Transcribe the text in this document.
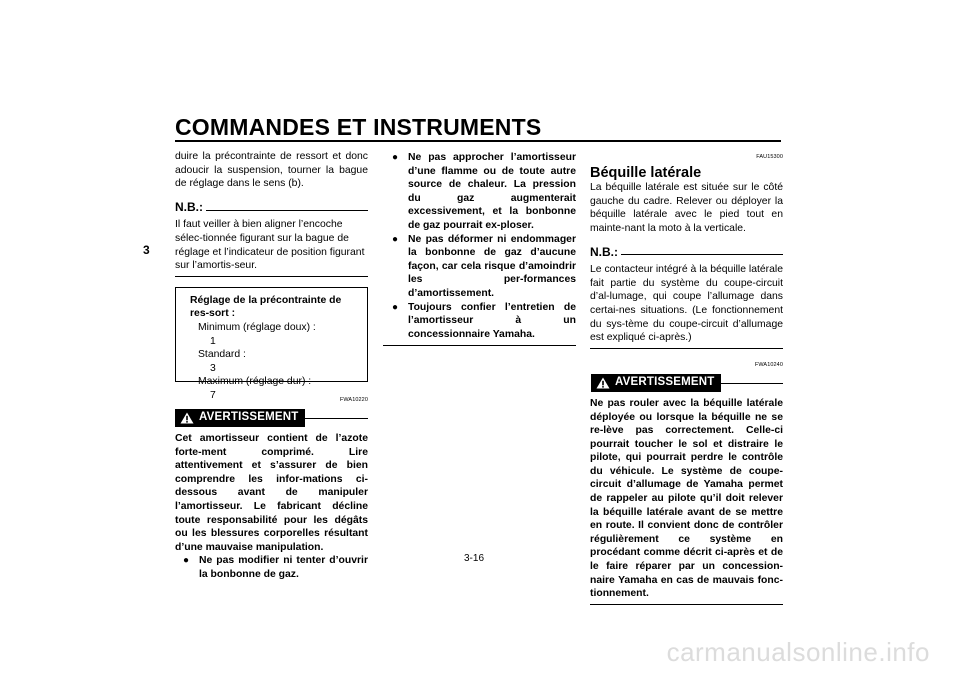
COMMANDES ET INSTRUMENTS
3

duire la précontrainte de ressort et donc adoucir la suspension, tourner la bague de réglage dans le sens (b).

N.B.:

Il faut veiller à bien aligner l’encoche sélec-tionnée figurant sur la bague de réglage et l’indicateur de position figurant sur l’amortis-seur.

Réglage de la précontrainte de res-sort :
Minimum (réglage doux) :
1
Standard :
3
Maximum (réglage dur) :
7	FWA10220
AVERTISSEMENT

Cet amortisseur contient de l’azote forte-ment comprimé. Lire attentivement et s’assurer de bien comprendre les infor-mations ci-dessous avant de manipuler l’amortisseur. Le fabricant décline toute responsabilité pour les dégâts ou les blessures corporelles résultant d’une mauvaise manipulation.

● Ne pas modifier ni tenter d’ouvrir la bonbonne de gaz.
● Ne pas approcher l’amortisseur d’une flamme ou de toute autre source de chaleur. La pression du gaz augmenterait excessivement, et la bonbonne de gaz pourrait ex-ploser.
● Ne pas déformer ni endommager la bonbonne de gaz d’aucune façon, car cela risque d’amoindrir les per-formances d’amortissement.
● Toujours confier l’entretien de l’amortisseur à un concessionnaire Yamaha.
FAU15300
Béquille latérale

La béquille latérale est située sur le côté gauche du cadre. Relever ou déployer la béquille latérale avec le pied tout en mainte-nant la moto à la verticale.

N.B.:

Le contacteur intégré à la béquille latérale fait partie du système du coupe-circuit d’al-lumage, qui coupe l’allumage dans certai-nes situations. (Le fonctionnement du sys-tème du coupe-circuit d’allumage est expliqué ci-après.)

FWA10240
AVERTISSEMENT

Ne pas rouler avec la béquille latérale déployée ou lorsque la béquille ne se re-lève pas correctement. Celle-ci pourrait toucher le sol et distraire le pilote, qui pourrait perdre le contrôle du véhicule. Le système de coupe-circuit d’allumage de Yamaha permet de rappeler au pilote qu’il doit relever la béquille latérale avant de se mettre en route. Il convient donc de contrôler régulièrement ce système en procédant comme décrit ci-après et de le faire réparer par un concession-naire Yamaha en cas de mauvais fonc-tionnement.

3-16
carmanualsonline.info
